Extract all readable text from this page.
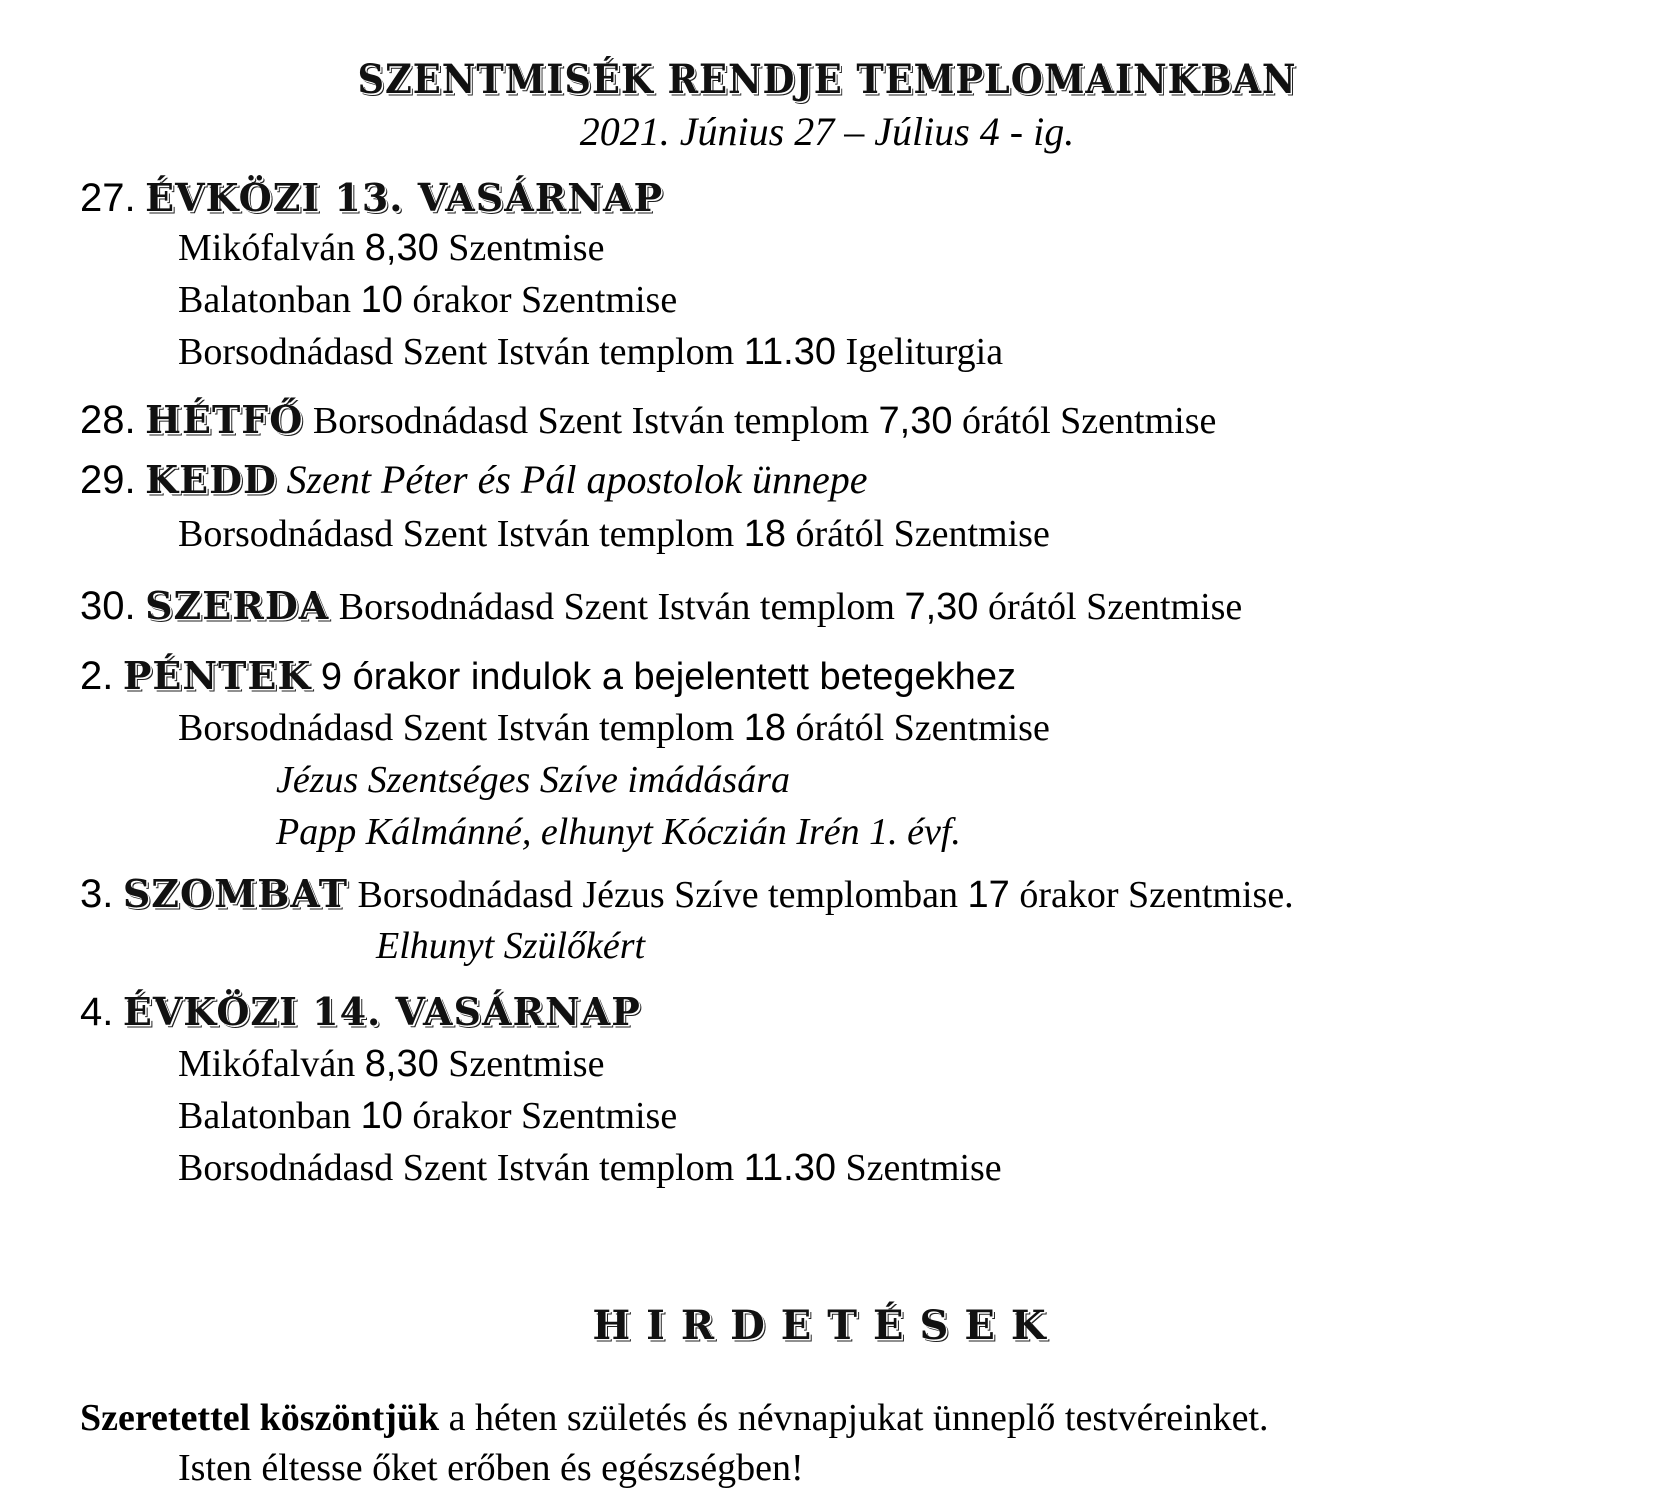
SZENTMISÉK RENDJE TEMPLOMAINKBAN
2021. Június 27 – Július 4 - ig.
27. ÉVKÖZI 13. VASÁRNAP
Mikófalván 8,30 Szentmise
Balatonban 10 órakor Szentmise
Borsodnádasd Szent István templom 11.30 Igeliturgia
28. HÉTFŐ Borsodnádasd Szent István templom 7,30 órától Szentmise
29. KEDD Szent Péter és Pál apostolok ünnepe
Borsodnádasd Szent István templom 18 órától Szentmise
30. SZERDA Borsodnádasd Szent István templom 7,30 órától Szentmise
2. PÉNTEK 9 órakor indulok a bejelentett betegekhez
Borsodnádasd Szent István templom 18 órától Szentmise
Jézus Szentséges Szíve imádására
Papp Kálmánné, elhunyt Kóczián Irén 1. évf.
3. SZOMBAT Borsodnádasd Jézus Szíve templomban 17 órakor Szentmise.
Elhunyt Szülőkért
4. ÉVKÖZI 14. VASÁRNAP
Mikófalván 8,30 Szentmise
Balatonban 10 órakor Szentmise
Borsodnádasd Szent István templom 11.30 Szentmise
HIRDETÉSEK
Szeretettel köszöntjük a héten születés és névnapjukat ünneplő testvéreinket.
Isten éltesse őket erőben és egészségben!
